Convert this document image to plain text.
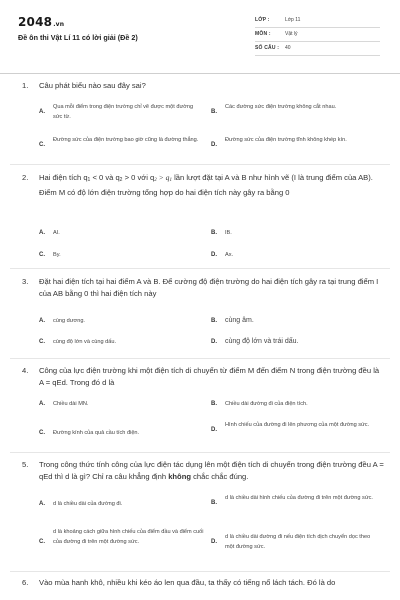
2048.vn
Đề ôn thi Vật Lí 11 có lời giải (Đề 2)
LỚP :	Lớp 11
MÔN :	Vật lý
SỐ CÂU : 40
1. Câu phát biểu nào sau đây sai?
A.
Qua mỗi điểm trong điện trường chỉ vẽ được một đường sức từ.
B.
Các đường sức điện trường không cắt nhau.
C.
Đường sức của điện trường bao giờ cũng là đường thẳng.
D.
Đường sức của điện trường tĩnh không khép kín.
2. Hai điện tích $q_1 < 0$ và $q_2 > 0$ với $q_2 > q_1$ lần lượt đặt tại A và B như hình vẽ (I là trung điểm của AB). Điểm M có độ lớn điện trường tổng hợp do hai điện tích này gây ra bằng 0
A. AI.	B. IB.
C. By.	D. Ax.
3. Đặt hai điện tích tại hai điểm A và B. Để cường độ điện trường do hai điện tích gây ra tại trung điểm I của AB bằng 0 thì hai điện tích này
A. cùng dương.	B. cùng âm.
C. cùng độ lớn và cùng dấu.	D. cùng độ lớn và trái dấu.
4. Công của lực điện trường khi một điện tích di chuyển từ điểm M đến điểm N trong điện trường đều là A = qEd. Trong đó d là
A. Chiều dài MN.	B. Chiều dài đường đi của điện tích.
C. Đường kính của quả cầu tích điện.	D.
Hình chiếu của đường đi lên phương của một đường sức.
5. Trong công thức tính công của lực điện tác dụng lên một điện tích di chuyển trong điện trường đều A = qEd thì d là gì? Chỉ ra câu khẳng định không chắc chắc đúng.
A. d là chiều dài của đường đi.	B.
d là chiều dài hình chiếu của đường đi trên một đường sức.
C.
d là khoảng cách giữa hình chiếu của điểm đầu và điểm cuối của đường đi trên một đường sức.	D.
d là chiều dài đường đi nếu điện tích dịch chuyển dọc theo một đường sức.
6. Vào mùa hanh khô, nhiều khi kéo áo len qua đầu, ta thấy có tiếng nổ lách tách. Đó là do
